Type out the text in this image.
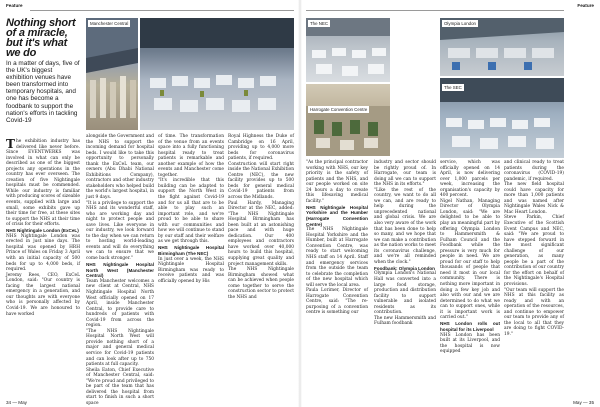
Feature	Feature
Nothing short of a miracle, but it's what we do
In a matter of days, five of the UK's biggest exhibition venues have been transformed into temporary hospitals, and one has become a foodbank to support the nation's efforts in tackling Covid-19

The exhibition industry has delivered like never before. Since EVENTWERKS was involved in what can only be described as one of the biggest projects any operations in the country has ever overseen. The creation of five Nightingale hospitals must be commended. While our industry is familiar with producing scores of sizeable events, supplied with large and small, some exhibits gave up their time for free, at these sites to support the NHS at their time of crisis for their efforts.

NHS Nightingale London (ExCeL)

NHS Nightingale London was erected in just nine days. The hospital was opened by HRH Prince of Wales on Friday 3 April with an initial capacity of 500 beds for up to 4,000 beds, if required.

Jeremy Rees, CEO, ExCeL London, said: "Our country is facing the largest national emergency in a generation, and our thoughts are with everyone who is personally affected by Covid-19. We are honoured to have worked

Manchester Central

alongside the Government and the NHS to support the incoming demand for hospital beds. I would like to take this opportunity to personally thank the ExCeL team, our owners (Abu Dhabi National Exhibitions Company), contractors and other industry stakeholders who helped build the world's largest hospital, in just 9 days.

"It is a privilege to support the NHS and its wonderful staff, who are working day and night to protect people and save lives. Like everyone in our industry, we look forward to the day when we can return to hosting world-leading events and will do everything we can to ensure that we come back stronger."

NHS Nightingale Hospital North West (Manchester Central)

Team Manchester welcomes a new client at Central, NHS Nightingale Hospital North West officially opened on 17 April, inside Manchester Central, to provide care to hundreds of patients with Covid-19 from across the region.

"The NHS Nightingale Hospital North West will provide nothing short of a major and general medical service for Covid-19 patients and can look after up to 750 patients at full capacity.

Sheila Eaton, Chief Executive of Manchester Central, said: "We're proud and privileged to be part of the team that has delivered the hospital from start to finish in such a short space

of time. The transformation of the venue from an events space into a fully functioning hospital ready to treat patients is remarkable and another example of how the events and Manchester come together.

"It's incredible that this building can be adapted to support the North West in the fight against Covid-19 and for us all that are to be able to play such an important role, and we're proud to be able to share with our communities and how we will continue to stand by our staff and their welfare as we get through this.

NHS Nightingale Hospital Birmingham (The NEC)

In just over a week, the NHS Nightingale Hospital Birmingham was ready to receive patients and was officially opened by His

Royal Highness the Duke of Cambridge on 16 April, providing up to 4,000 more beds for coronavirus patients, if required.

Construction will start right inside the National Exhibition Centre (NEC), the new facility provides up to 500 beds for general medical Covid-19 patients from across the Midlands.

Paul Hardy, Managing Director at the NEC, added: "The NHS Nightingale Hospital Birmingham has been built at an astonishing pace and with huge dedication. Our 400 employees and contractors have worked over 40,000 hours to build this hospital, supplying great quality and project management skills.

The NHS Nightingale Birmingham showed what can be achieved when people come together to serve the construction sector to protect the NHS and

The NEC
Harrogate Convention Centre
Olympia London
The SEC

"As the principal contractor working with NHS, our key priority is the safety of patients and the NHS, and our people worked on site 24 hours a day to create this lifesaving medical facility."

NHS Nightingale Hospital Yorkshire and the Humber (Harrogate Convention Centre)

The NHS Nightingale Hospital Yorkshire and the Humber, built at Harrogate Convention Centre, was ready to start welcoming NHS staff on 14 April. Staff and emergency services from the outside the team to celebrate the completion of the new hospital which will serve the local area.

Paula Lorimer, Director of Harrogate Convention Centre, said: "The re-purposing of a convention centre is something our

industry and sector should be rightly proud of. In Harrogate, our team is doing all we can to support the NHS in its efforts."

"Like the rest of the country, we want to do all we can, and are ready to help during the unprecedented national and global crisis. We are also very aware of the work that has been done to help so many, and we hope that we can make a contribution as the nation works to meet its coronavirus challenge, and we're all reminded when the clock."

Foodbank: Olympia London

Olympia London's National Hall was converted into a large food storage, production and distribution facility to support vulnerable and isolated residents as its contribution.

The new Hammersmith and Fulham foodbank

service, which was officially opened on 14 April, is now delivering over 1,000 parcels per week, increasing the organisation's capacity by 400 percent.

Nigel Nathan, Managing Director of Olympia London, said: "We are delighted to be able to play an meaningful part by offering Olympia London to Hammersmith & Fulham Council and the Foodbank while the pressure is very much for people in need. We are proud for our staff to help thousands of people that need it most in our local community. There is nothing more important in doing a few key job and also with our and we are determined to do what we can to support ones, while it is important work is carried out."

NHS London rolls out hospital for its Liverpool

NHS London has been built at its Liverpool, and the hospital is now equipped

and clinical ready to treat patients during the coronavirus (COVID-19) pandemic, if required.

The new field hospital could have capacity for more than 1,000 patients and was named after Nightingale Wales Nick & Mac Heart London.

Steve Parkin, Chief Executive of the Scottish Event Campus and NEC, said: "We are proud to have stepped forward in the most significant challenge of our generation, as many people be a part of the contribution of our country for the effort on behalf of the Nightingale's Hospital provisions.

"Our team will support the NHS at this facility as ready and with an operation of the resources, and continue to empower our team to provide any of the local to all that they are doing to fight COVID-19."

34 — May	May — 35
